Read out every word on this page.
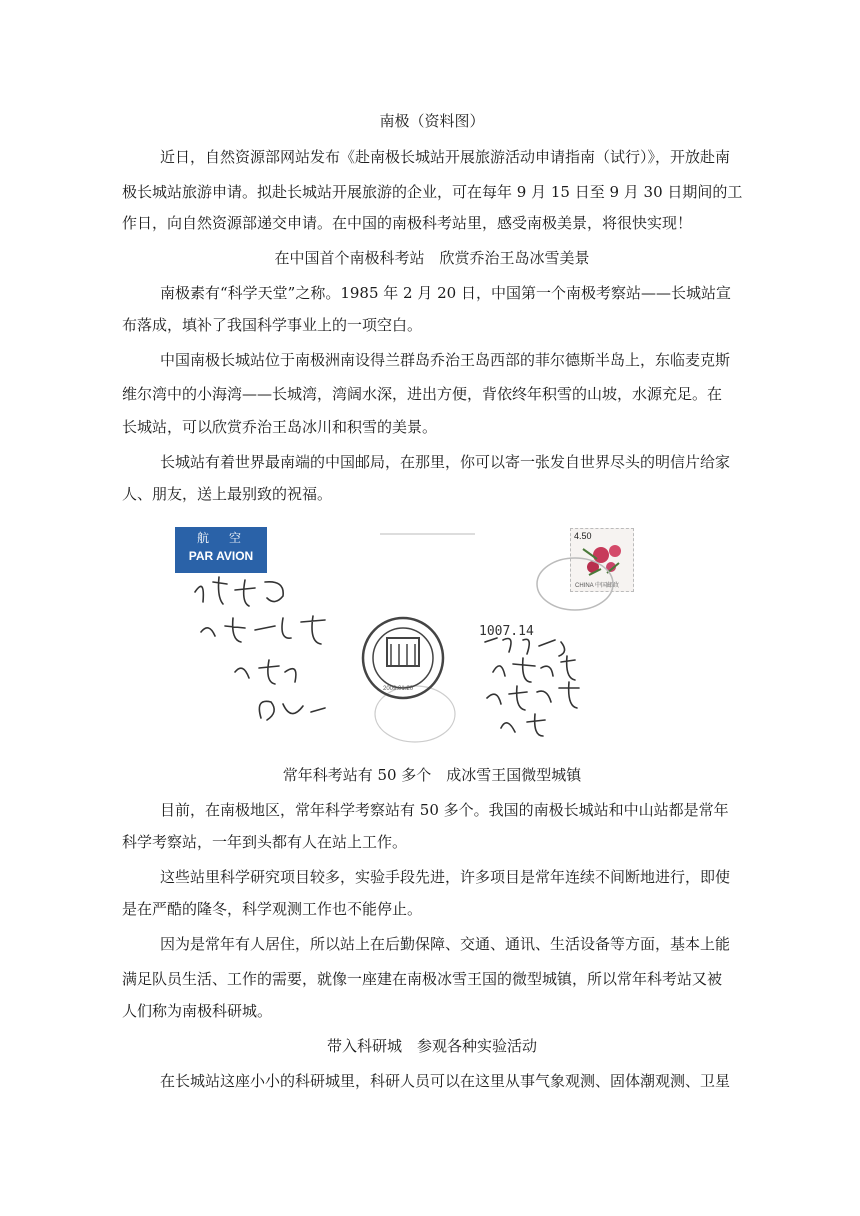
南极（资料图）
近日，自然资源部网站发布《赴南极长城站开展旅游活动申请指南（试行）》，开放赴南
极长城站旅游申请。拟赴长城站开展旅游的企业，可在每年 9 月 15 日至 9 月 30 日期间的工
作日，向自然资源部递交申请。在中国的南极科考站里，感受南极美景，将很快实现！
在中国首个南极科考站　欣赏乔治王岛冰雪美景
南极素有“科学天堂”之称。1985 年 2 月 20 日，中国第一个南极考察站——长城站宣
布落成，填补了我国科学事业上的一项空白。
中国南极长城站位于南极洲南设得兰群岛乔治王岛西部的菲尔德斯半岛上，东临麦克斯
维尔湾中的小海湾——长城湾，湾阔水深，进出方便，背依终年积雪的山坡，水源充足。在
长城站，可以欣赏乔治王岛冰川和积雪的美景。
长城站有着世界最南端的中国邮局，在那里，你可以寄一张发自世界尽头的明信片给家
人、朋友，送上最别致的祝福。
航　空
PAR AVION
4.50
CHINA 中国邮政
1007.14
2009.01.20
常年科考站有 50 多个　成冰雪王国微型城镇
目前，在南极地区，常年科学考察站有 50 多个。我国的南极长城站和中山站都是常年
科学考察站，一年到头都有人在站上工作。
这些站里科学研究项目较多，实验手段先进，许多项目是常年连续不间断地进行，即使
是在严酷的隆冬，科学观测工作也不能停止。
因为是常年有人居住，所以站上在后勤保障、交通、通讯、生活设备等方面，基本上能
满足队员生活、工作的需要，就像一座建在南极冰雪王国的微型城镇，所以常年科考站又被
人们称为南极科研城。
带入科研城　参观各种实验活动
在长城站这座小小的科研城里，科研人员可以在这里从事气象观测、固体潮观测、卫星
